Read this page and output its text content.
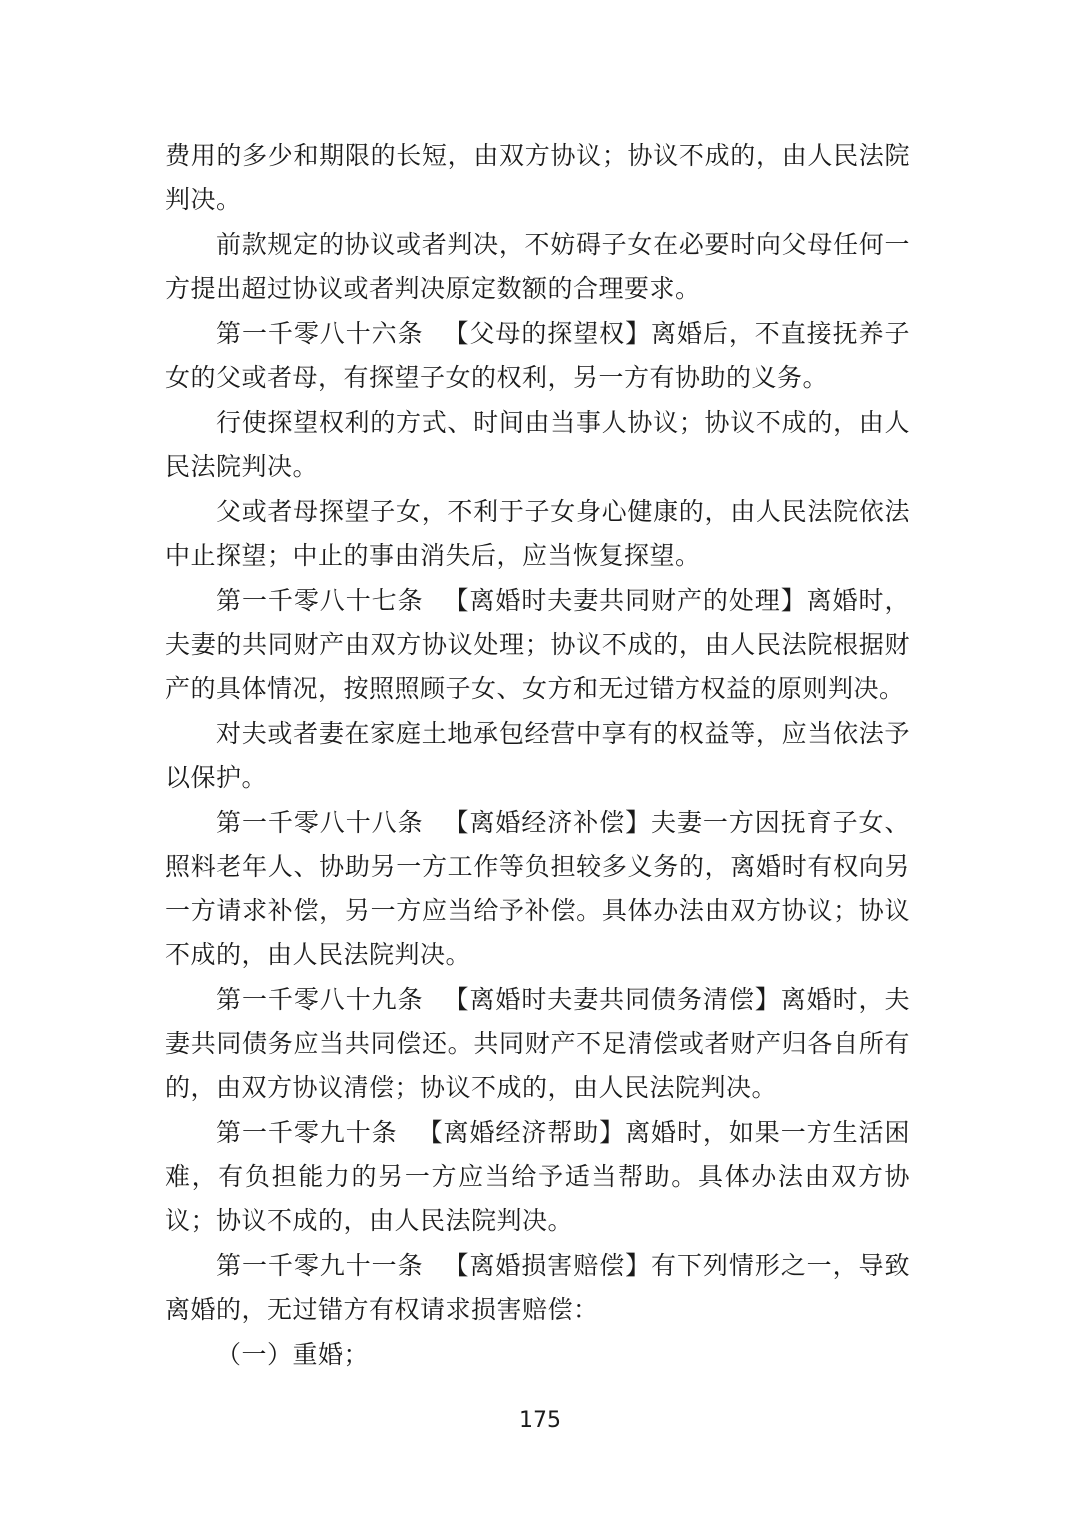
费用的多少和期限的长短，由双方协议；协议不成的，由人民法院判决。

前款规定的协议或者判决，不妨碍子女在必要时向父母任何一方提出超过协议或者判决原定数额的合理要求。

第一千零八十六条 【父母的探望权】离婚后，不直接抚养子女的父或者母，有探望子女的权利，另一方有协助的义务。

行使探望权利的方式、时间由当事人协议；协议不成的，由人民法院判决。

父或者母探望子女，不利于子女身心健康的，由人民法院依法中止探望；中止的事由消失后，应当恢复探望。

第一千零八十七条 【离婚时夫妻共同财产的处理】离婚时，夫妻的共同财产由双方协议处理；协议不成的，由人民法院根据财产的具体情况，按照照顾子女、女方和无过错方权益的原则判决。

对夫或者妻在家庭土地承包经营中享有的权益等，应当依法予以保护。

第一千零八十八条 【离婚经济补偿】夫妻一方因抚育子女、照料老年人、协助另一方工作等负担较多义务的，离婚时有权向另一方请求补偿，另一方应当给予补偿。具体办法由双方协议；协议不成的，由人民法院判决。

第一千零八十九条 【离婚时夫妻共同债务清偿】离婚时，夫妻共同债务应当共同偿还。共同财产不足清偿或者财产归各自所有的，由双方协议清偿；协议不成的，由人民法院判决。

第一千零九十条 【离婚经济帮助】离婚时，如果一方生活困难，有负担能力的另一方应当给予适当帮助。具体办法由双方协议；协议不成的，由人民法院判决。

第一千零九十一条 【离婚损害赔偿】有下列情形之一，导致离婚的，无过错方有权请求损害赔偿：

（一）重婚；

175
